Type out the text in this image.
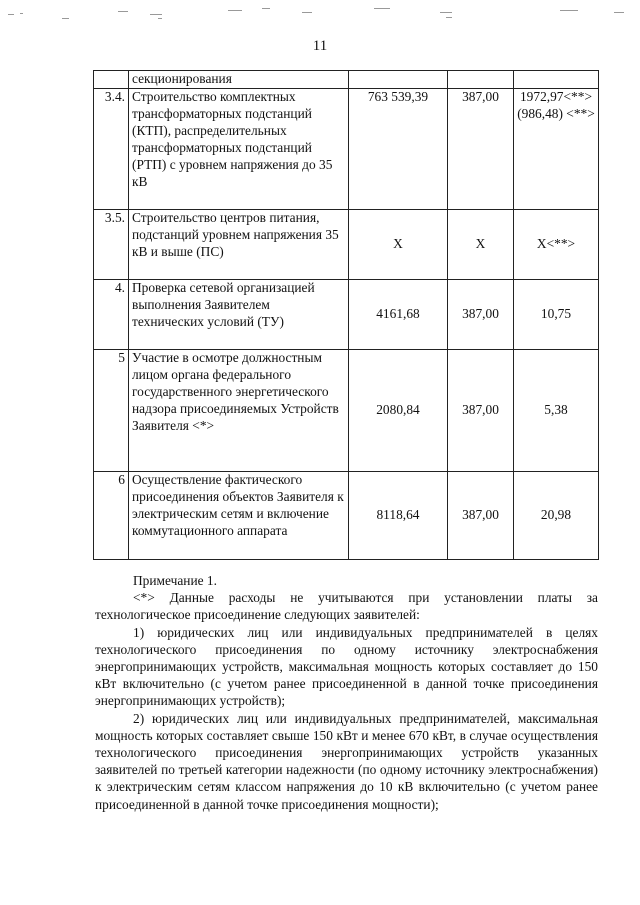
11
	секционирования			
3.4.	Строительство комплектных трансформаторных подстанций (КТП), распределительных трансформаторных подстанций (РТП) с уровнем напряжения до 35 кВ	763 539,39	387,00	1972,97<**> (986,48) <**>
3.5.	Строительство центров питания, подстанций уровнем напряжения 35 кВ и выше (ПС)	Х	Х	Х<**>
4.	Проверка сетевой организацией выполнения Заявителем технических условий (ТУ)	4161,68	387,00	10,75
5	Участие в осмотре должностным лицом органа федерального государственного энергетического надзора присоединяемых Устройств Заявителя <*>	2080,84	387,00	5,38
6	Осуществление фактического присоединения объектов Заявителя к электрическим сетям и включение коммутационного аппарата	8118,64	387,00	20,98

Примечание 1.

<*> Данные расходы не учитываются при установлении платы за технологическое присоединение следующих заявителей:

1) юридических лиц или индивидуальных предпринимателей в целях технологического присоединения по одному источнику электроснабжения энергопринимающих устройств, максимальная мощность которых составляет до 150 кВт включительно (с учетом ранее присоединенной в данной точке присоединения энергопринимающих устройств);

2) юридических лиц или индивидуальных предпринимателей, максимальная мощность которых составляет свыше 150 кВт и менее 670 кВт, в случае осуществления технологического присоединения энергопринимающих устройств указанных заявителей по третьей категории надежности (по одному источнику электроснабжения) к электрическим сетям классом напряжения до 10 кВ включительно (с учетом ранее присоединенной в данной точке присоединения мощности);
